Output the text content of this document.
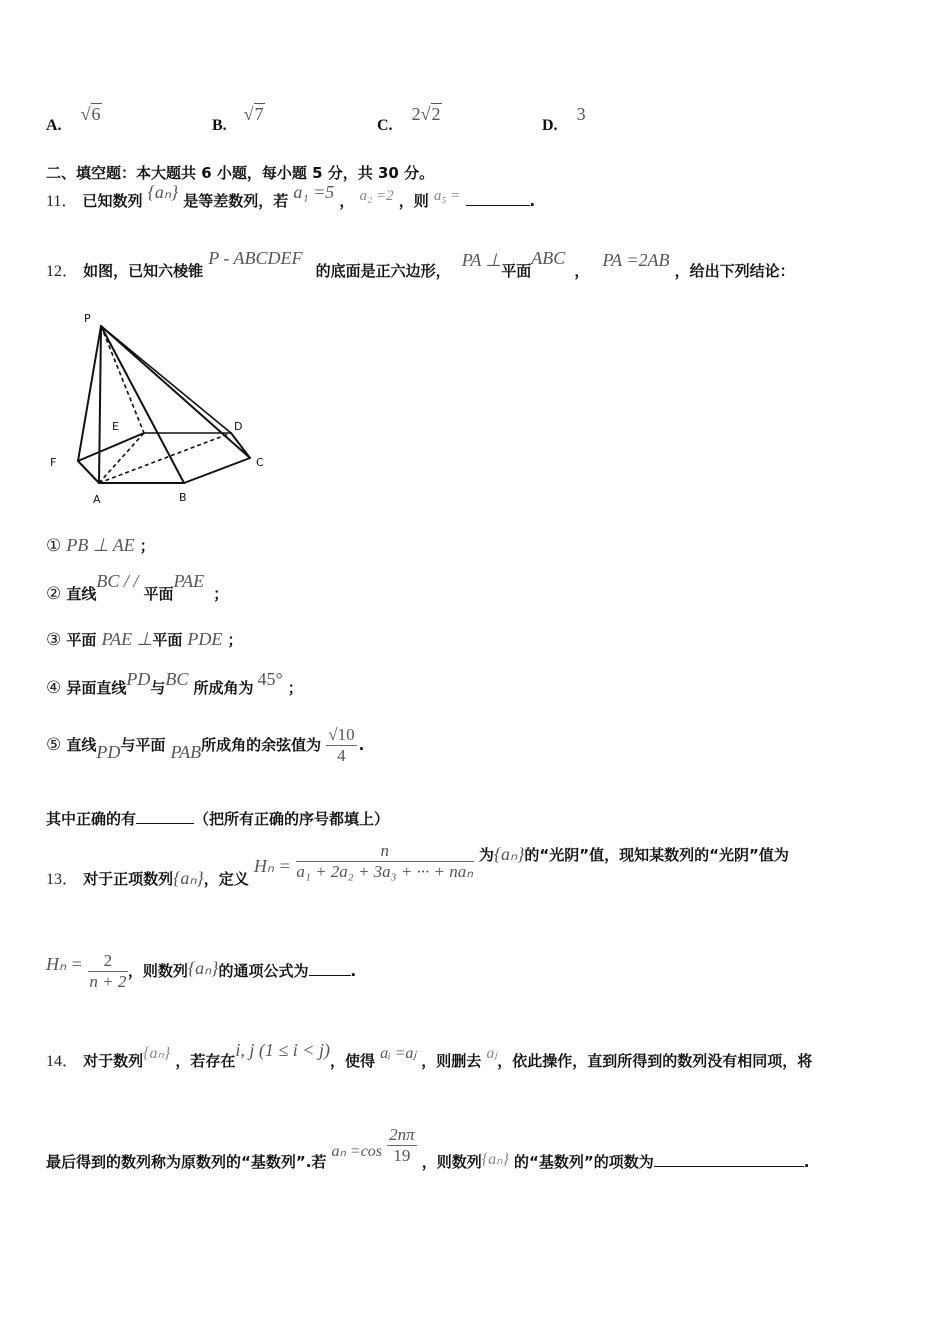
A. √6
B. √7
C. 2√2
D. 3
二、填空题：本大题共 6 小题，每小题 5 分，共 30 分。
11． 已知数列 {aₙ} 是等差数列，若 a₁ =5 ， a₂ =2 ，则 a₅ =	.
12． 如图，已知六棱锥 P - ABCDEF 的底面是正六边形， PA ⊥平面ABC ， PA =2AB ，给出下列结论：
P
E	D
F	C
A	B
① PB ⊥ AE ；
② 直线BC / / 平面PAE ；
③ 平面 PAE ⊥平面 PDE ；
④ 异面直线PD与BC 所成角为 45° ；
⑤ 直线PD与平面 PAB所成角的余弦值为 $\frac{√10}{4}$ .
其中正确的有	（把所有正确的序号都填上）
13． 对于正项数列{aₙ}，定义 $H_n = \frac{n}{\text{a₁ + 2a₂ + 3a₃ + ··· + naₙ}}$ 为{aₙ}的“光阴”值，现知某数列的“光阴”值为
$H_n = \frac{2}{n + 2}$ ，则数列{aₙ}的通项公式为	.
14． 对于数列{aₙ} ，若存在i, j (1 ≤ i < j)，使得 aᵢ =aⱼ ，则删去 aⱼ，依此操作，直到所得到的数列没有相同项，将
最后得到的数列称为原数列的“基数列”.若 $a_n =\cos \frac{2n\pi}{19}$ ，则数列{aₙ} 的“基数列”的项数为	.
